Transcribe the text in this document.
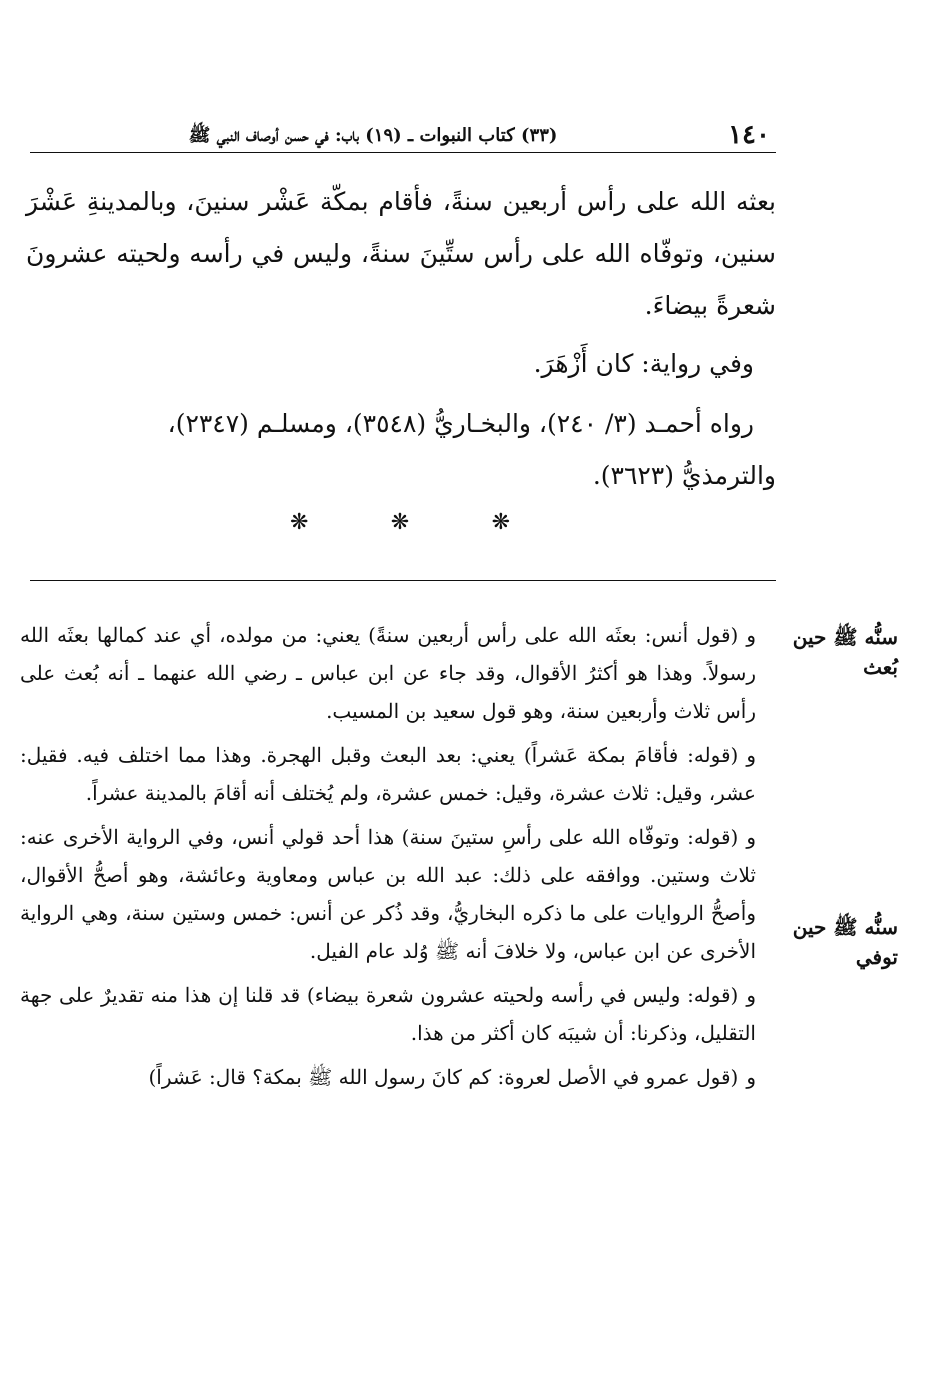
١٤٠
(٣٣) كتاب النبوات ـ (١٩) باب: في حسن أوصاف النبي ﷺ

بعثه الله على رأس أربعين سنةً، فأقام بمكّة عَشْر سنينَ، وبالمدينةِ عَشْرَ سنين، وتوفّاه الله على رأس ستِّينَ سنةً، وليس في رأسه ولحيته عشرونَ شعرةً بيضاءَ.

وفي رواية: كان أَزْهَرَ.

رواه أحمـد (٣/ ٢٤٠)، والبخـاريُّ (٣٥٤٨)، ومسلـم (٢٣٤٧)،

والترمذيُّ (٣٦٢٣).

❋	❋	❋
سنُّه ﷺ حين بُعث
سنُّه ﷺ حين توفي

و(قول أنس: بعثَه الله على رأس أربعين سنةً) يعني: من مولده، أي عند كمالها بعثَه الله رسولاً. وهذا هو أكثرُ الأقوال، وقد جاء عن ابن عباس ـ رضي الله عنهما ـ أنه بُعث على رأس ثلاث وأربعين سنة، وهو قول سعيد بن المسيب.

و(قوله: فأقامَ بمكة عَشراً) يعني: بعد البعث وقبل الهجرة. وهذا مما اختلف فيه. فقيل: عشر، وقيل: ثلاث عشرة، وقيل: خمس عشرة، ولم يُختلف أنه أقامَ بالمدينة عشراً.

و(قوله: وتوفّاه الله على رأسِ ستينَ سنة) هذا أحد قولي أنس، وفي الرواية الأخرى عنه: ثلاث وستين. ووافقه على ذلك: عبد الله بن عباس ومعاوية وعائشة، وهو أصحُّ الأقوال، وأصحُّ الروايات على ما ذكره البخاريُّ، وقد ذُكر عن أنس: خمس وستين سنة، وهي الرواية الأخرى عن ابن عباس، ولا خلافَ أنه ﷺ وُلد عام الفيل.

و(قوله: وليس في رأسه ولحيته عشرون شعرة بيضاء) قد قلنا إن هذا منه تقديرٌ على جهة التقليل، وذكرنا: أن شيبَه كان أكثر من هذا.

و(قول عمرو في الأصل لعروة: كم كانَ رسول الله ﷺ بمكة؟ قال: عَشراً)
